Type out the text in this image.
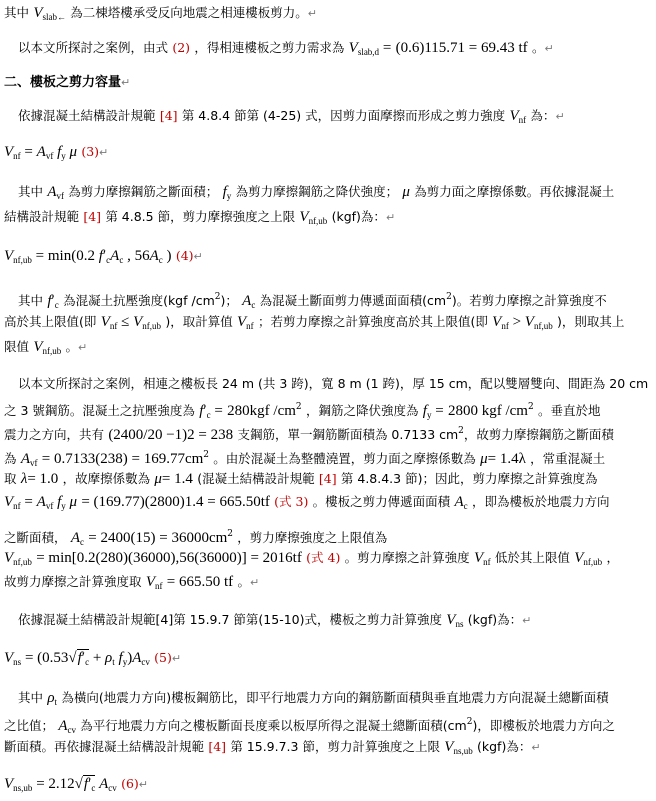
其中 $V_{slab\leftarrow}$ 為二棟塔樓承受反向地震之相連樓板剪力。↵
以本文所探討之案例，由式 (2) ，得相連樓板之剪力需求為 $V_{slab,d} = (0.6)115.71 = 69.43$ tf 。↵
二、樓板之剪力容量↵
依據混凝土結構設計規範 [4] 第 4.8.4 節第 (4-25) 式，因剪力面摩擦而形成之剪力強度 $V_{nf}$ 為：↵
$V_{nf} = A_{vf}$ $f_y$ μ (3)↵
其中 $A_{vf}$ 為剪力摩擦鋼筋之斷面積； $f_y$ 為剪力摩擦鋼筋之降伏強度； μ 為剪力面之摩擦係數。再依據混凝土
結構設計規範 [4] 第 4.8.5 節，剪力摩擦強度之上限 $V_{nf,ub}$ (kgf)為：↵
$V_{nf,ub} = \min(0.2$ $f'_cA_c$ , $56A_c$ ) (4)↵
其中 $f'_c$ 為混凝土抗壓強度(kgf $/cm^2$)； $A_c$ 為混凝土斷面剪力傳遞面面積$(cm^2)$。若剪力摩擦之計算強度不
高於其上限值(即 $V_{nf} \le V_{nf,ub}$ )，取計算值 $V_{nf}$ ；若剪力摩擦之計算強度高於其上限值(即 $V_{nf} > V_{nf,ub}$ )，則取其上
限值 $V_{nf,ub}$ 。↵
以本文所探討之案例，相連之樓板長 24 m (共 3 跨)，寬 8 m (1 跨)，厚 15 cm，配以雙層雙向、間距為 20 cm
之 3 號鋼筋。混凝土之抗壓強度為 $f'_c = 280kgf$ $/cm^2$ ，鋼筋之降伏強度為 $f_y = 2800$ kgf $/cm^2$ 。垂直於地
震力之方向，共有 (2400/20 −1)2 = 238 支鋼筋，單一鋼筋斷面積為 0.7133 $cm^2$，故剪力摩擦鋼筋之斷面積
為 $A_{vf} = 0.7133(238) = 169.77cm^2$ 。由於混凝土為整體澆置，剪力面之摩擦係數為 μ= 1.4λ ，常重混凝土
取 λ= 1.0 ，故摩擦係數為 μ= 1.4 (混凝土結構設計規範 [4] 第 4.8.4.3 節)；因此，剪力摩擦之計算強度為
$V_{nf} = A_{vf}$ $f_y$ μ = (169.77)(2800)1.4 = 665.50tf (式 3) 。樓板之剪力傳遞面面積 $A_c$ ，即為樓板於地震力方向
之斷面積， $A_c = 2400(15) = 36000cm^2$ ，剪力摩擦強度之上限值為
$V_{nf,ub} = \min[0.2(280)(36000),56(36000)] = 2016tf$ (式 4) 。剪力摩擦之計算強度 $V_{nf}$ 低於其上限值 $V_{nf,ub}$ ，
故剪力摩擦之計算強度取 $V_{nf} = 665.50$ tf 。↵
依據混凝土結構設計規範[4]第 15.9.7 節第(15-10)式，樓板之剪力計算強度 $V_{ns}$ (kgf)為：↵
$V_{ns} = (0.53√f'_c + \rho_t$ $f_y)A_{cv}$ (5)↵
其中 $\rho_t$ 為橫向(地震力方向)樓板鋼筋比，即平行地震力方向的鋼筋斷面積與垂直地震力方向混凝土總斷面積
之比值； $A_{cv}$ 為平行地震力方向之樓板斷面長度乘以板厚所得之混凝土總斷面積$(cm^2)$，即樓板於地震力方向之
斷面積。再依據混凝土結構設計規範 [4] 第 15.9.7.3 節，剪力計算強度之上限 $V_{ns,ub}$ (kgf)為：↵
$V_{ns,ub} = 2.12√f'_c$ $A_{cv}$ (6)↵
